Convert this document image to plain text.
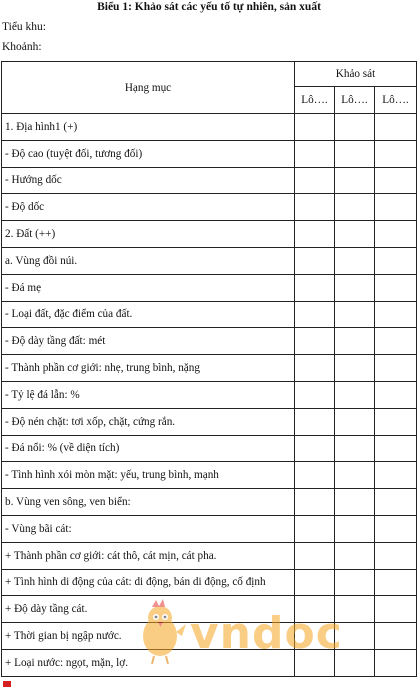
Biểu 1: Khảo sát các yếu tố tự nhiên, sản xuất
Tiểu khu:
Khoảnh:
Hạng mục	Khảo sát		
	Lô….	Lô….	Lô….
1. Địa hình1 (+)			
- Độ cao (tuyệt đối, tương đối)			
- Hướng dốc			
- Độ dốc			
2. Đất (++)			
a. Vùng đồi núi.			
- Đá mẹ			
- Loại đất, đặc điểm của đất.			
- Độ dày tầng đất: mét			
- Thành phần cơ giới: nhẹ, trung bình, nặng			
- Tỷ lệ đá lẫn: %			
- Độ nén chặt: tơi xốp, chặt, cứng rắn.			
- Đá nổi: % (về diện tích)			
- Tình hình xói mòn mặt: yếu, trung bình, mạnh			
b. Vùng ven sông, ven biển:			
- Vùng bãi cát:			
+ Thành phần cơ giới: cát thô, cát mịn, cát pha.			
+ Tình hình di động của cát: di động, bán di động, cố định			
+ Độ dày tầng cát.			
+ Thời gian bị ngập nước.			
+ Loại nước: ngọt, mặn, lợ.			
vndoc
